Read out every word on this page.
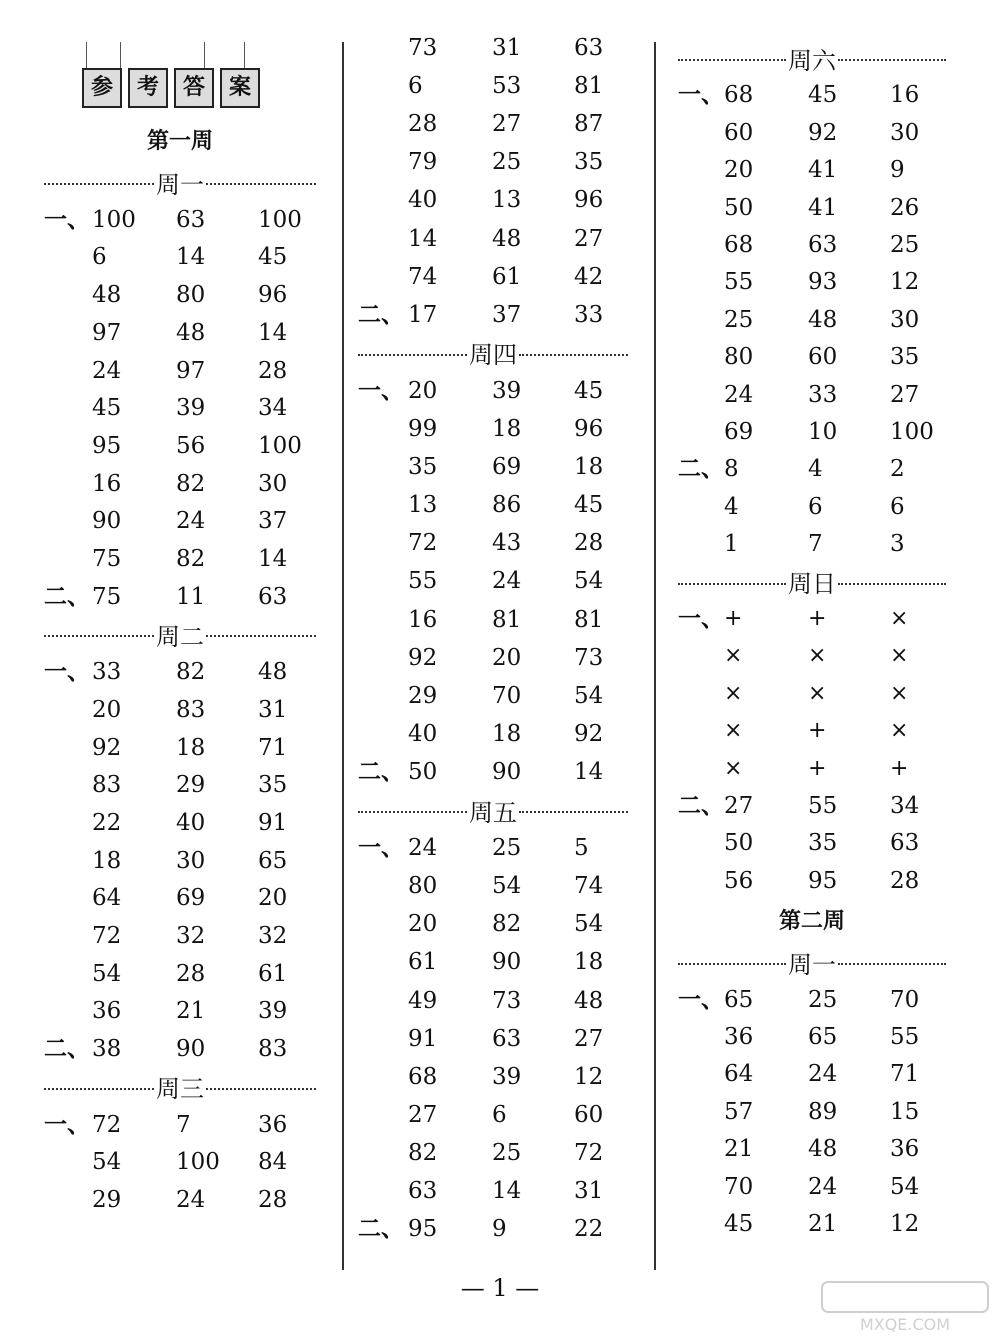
参	考	答	案
第一周
周一
一、 100 63 100
6	14 45
48 80 96
97 48 14
24 97 28
45 39 34
95 56 100
16 82 30
90 24 37
75 82 14
二、 75 11 63
周二
一、 33 82 48
20 83 31
92 18 71
83 29 35
22 40 91
18 30 65
64 69 20
72 32 32
54 28 61
36 21 39
二、 38 90 83
周三
一、 72 7	36
54 100 84
29 24 28
73 31 63
6	53 81
28 27 87
79 25 35
40 13 96
14 48 27
74 61 42
二、 17 37 33
周四
一、 20 39 45
99 18 96
35 69 18
13 86 45
72 43 28
55 24 54
16 81 81
92 20 73
29 70 54
40 18 92
二、 50 90 14
周五
一、 24 25 5
80 54 74
20 82 54
61 90 18
49 73 48
91 63 27
68 39 12
27 6	60
82 25 72
63 14 31
二、 95 9	22
周六
一、 68 45 16
60 92 30
20 41 9
50 41 26
68 63 25
55 93 12
25 48 30
80 60 35
24 33 27
69 10 100
二、 8	4	2
4	6	6
1	7	3
周日
一、 +	+	×
×	×	×
×	×	×
×	+	×
×	+	+
二、 27 55 34
50 35 63
56 95 28
第二周
周一
一、 65 25 70
36 65 55
64 24 71
57 89 15
21 48 36
70 24 54
45 21 12
— 1 —
MXQE.COM
